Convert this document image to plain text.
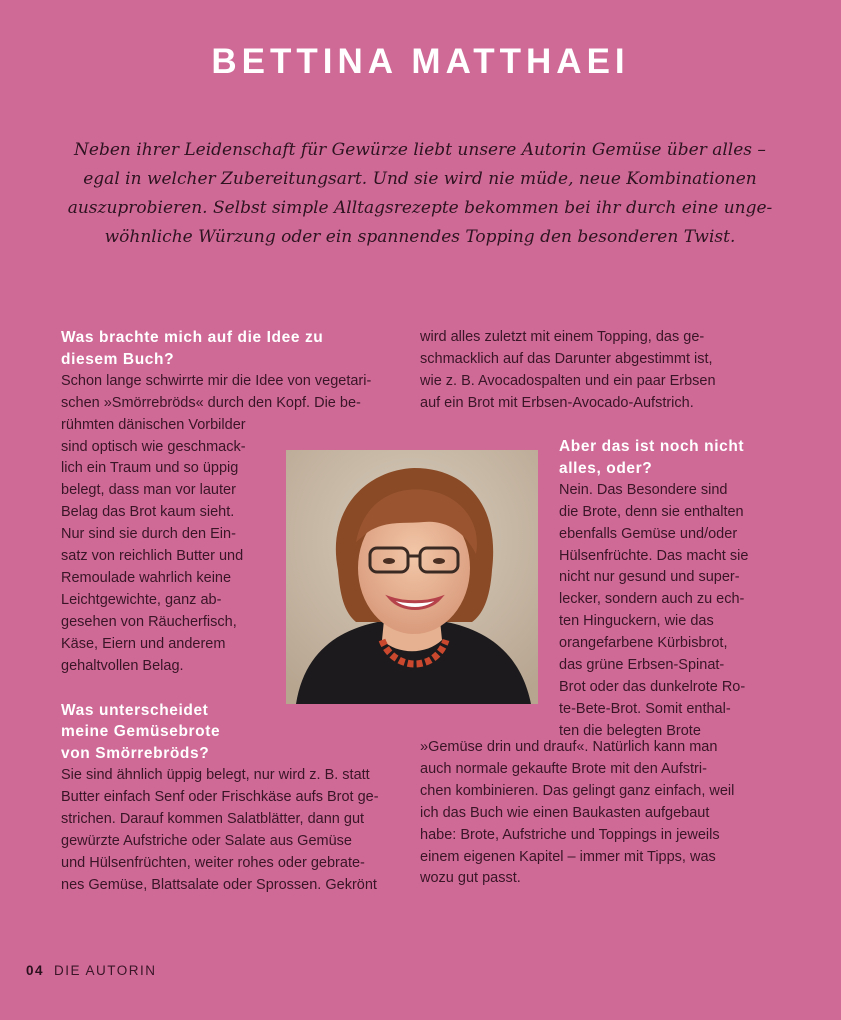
BETTINA MATTHAEI
Neben ihrer Leidenschaft für Gewürze liebt unsere Autorin Gemüse über alles –
egal in welcher Zubereitungsart. Und sie wird nie müde, neue Kombinationen
auszuprobieren. Selbst simple Alltagsrezepte bekommen bei ihr durch eine unge-
wöhnliche Würzung oder ein spannendes Topping den besonderen Twist.
Was brachte mich auf die Idee zu
diesem Buch?
Schon lange schwirrte mir die Idee von vegetari-
schen »Smörrebröds« durch den Kopf. Die be-
rühmten dänischen Vorbilder
sind optisch wie geschmack-
lich ein Traum und so üppig
belegt, dass man vor lauter
Belag das Brot kaum sieht.
Nur sind sie durch den Ein-
satz von reichlich Butter und
Remoulade wahrlich keine
Leichtgewichte, ganz ab-
gesehen von Räucherfisch,
Käse, Eiern und anderem
gehaltvollen Belag.
Was unterscheidet
meine Gemüsebrote
von Smörrebröds?
Sie sind ähnlich üppig belegt, nur wird z. B. statt
Butter einfach Senf oder Frischkäse aufs Brot ge-
strichen. Darauf kommen Salatblätter, dann gut
gewürzte Aufstriche oder Salate aus Gemüse
und Hülsenfrüchten, weiter rohes oder gebrate-
nes Gemüse, Blattsalate oder Sprossen. Gekrönt
wird alles zuletzt mit einem Topping, das ge-
schmacklich auf das Darunter abgestimmt ist,
wie z. B. Avocadospalten und ein paar Erbsen
auf ein Brot mit Erbsen-Avocado-Aufstrich.
Aber das ist noch nicht
alles, oder?
Nein. Das Besondere sind
die Brote, denn sie enthalten
ebenfalls Gemüse und/oder
Hülsenfrüchte. Das macht sie
nicht nur gesund und super-
lecker, sondern auch zu ech-
ten Hinguckern, wie das
orangefarbene Kürbisbrot,
das grüne Erbsen-Spinat-
Brot oder das dunkelrote Ro-
te-Bete-Brot. Somit enthal-
ten die belegten Brote
»Gemüse drin und drauf«. Natürlich kann man
auch normale gekaufte Brote mit den Aufstri-
chen kombinieren. Das gelingt ganz einfach, weil
ich das Buch wie einen Baukasten aufgebaut
habe: Brote, Aufstriche und Toppings in jeweils
einem eigenen Kapitel – immer mit Tipps, was
wozu gut passt.
04 DIE AUTORIN
